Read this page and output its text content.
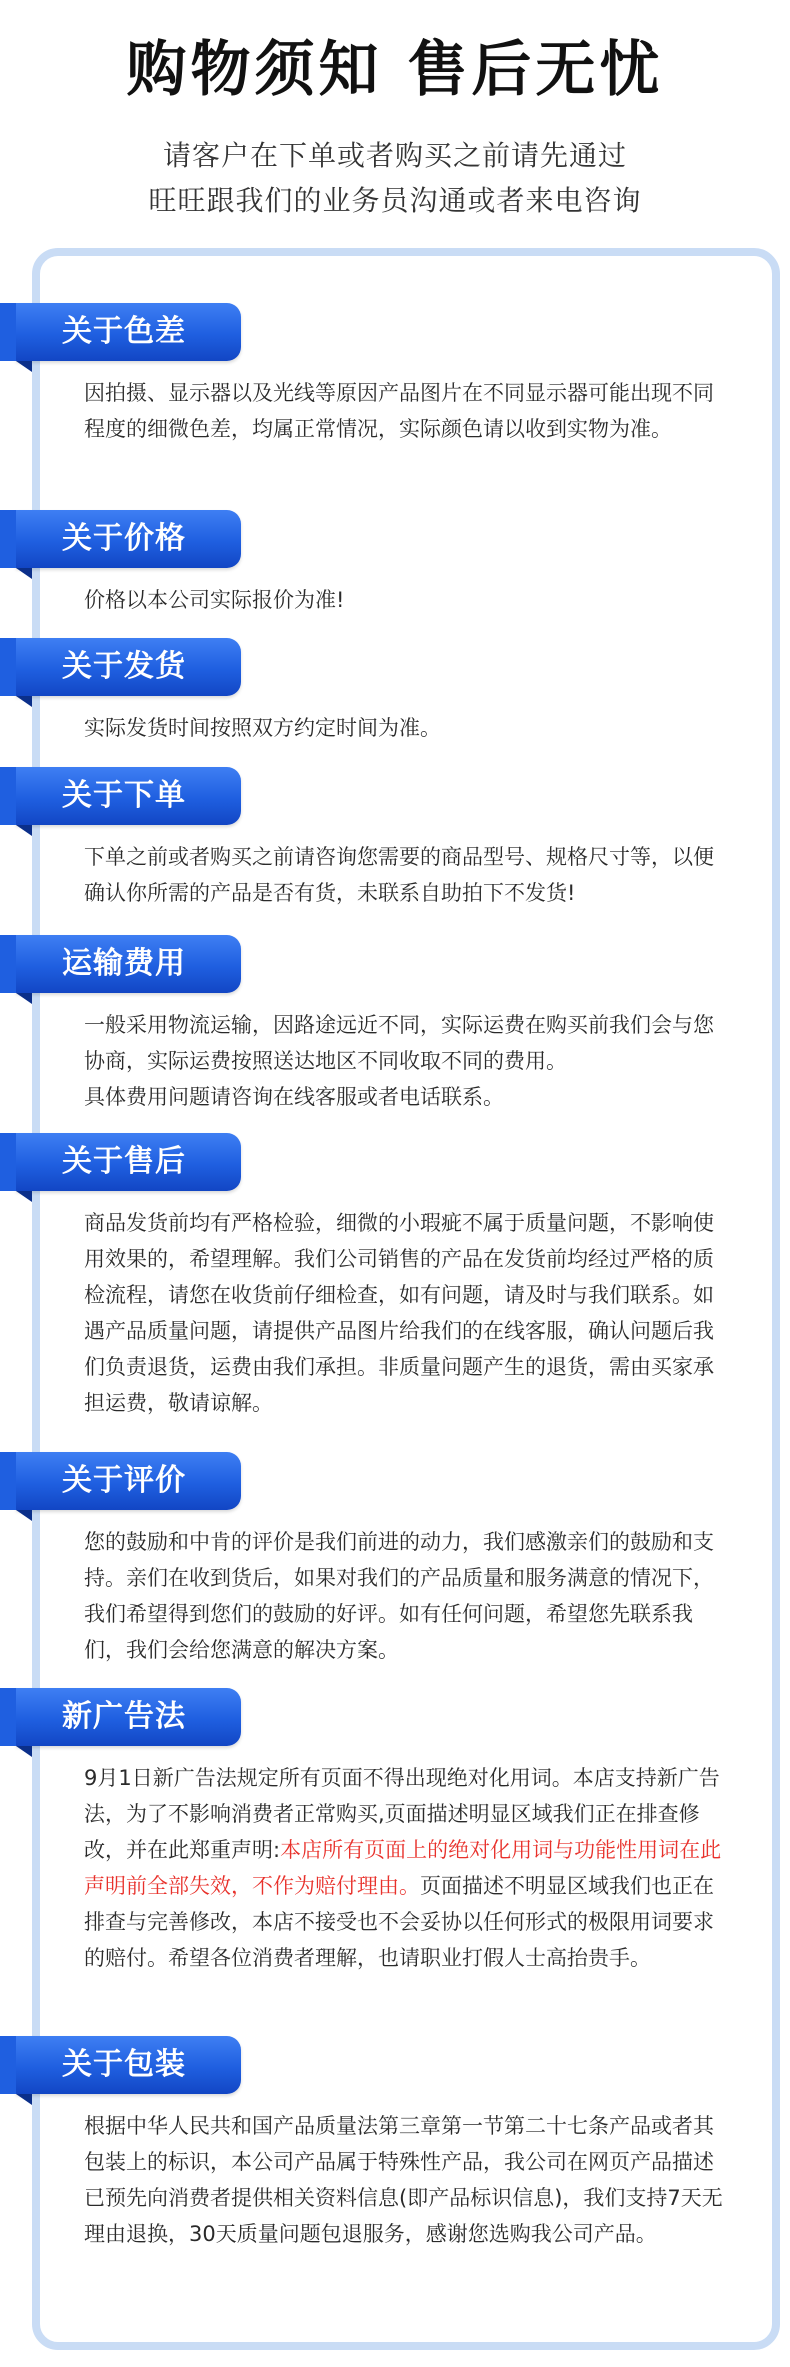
购物须知 售后无忧
请客户在下单或者购买之前请先通过
旺旺跟我们的业务员沟通或者来电咨询
关于色差
因拍摄、显示器以及光线等原因产品图片在不同显示器可能出现不同程度的细微色差，均属正常情况，实际颜色请以收到实物为准。
关于价格
价格以本公司实际报价为准!
关于发货
实际发货时间按照双方约定时间为准。
关于下单
下单之前或者购买之前请咨询您需要的商品型号、规格尺寸等，以便确认你所需的产品是否有货，未联系自助拍下不发货!
运输费用
一般采用物流运输，因路途远近不同，实际运费在购买前我们会与您协商，实际运费按照送达地区不同收取不同的费用。
具体费用问题请咨询在线客服或者电话联系。
关于售后
商品发货前均有严格检验，细微的小瑕疵不属于质量问题，不影响使用效果的，希望理解。我们公司销售的产品在发货前均经过严格的质检流程，请您在收货前仔细检查，如有问题，请及时与我们联系。如遇产品质量问题，请提供产品图片给我们的在线客服，确认问题后我们负责退货，运费由我们承担。非质量问题产生的退货，需由买家承担运费，敬请谅解。
关于评价
您的鼓励和中肯的评价是我们前进的动力，我们感激亲们的鼓励和支持。亲们在收到货后，如果对我们的产品质量和服务满意的情况下，我们希望得到您们的鼓励的好评。如有任何问题，希望您先联系我们，我们会给您满意的解决方案。
新广告法
9月1日新广告法规定所有页面不得出现绝对化用词。本店支持新广告法，为了不影响消费者正常购买,页面描述明显区域我们正在排查修改，并在此郑重声明:本店所有页面上的绝对化用词与功能性用词在此声明前全部失效，不作为赔付理由。页面描述不明显区域我们也正在排查与完善修改，本店不接受也不会妥协以任何形式的极限用词要求的赔付。希望各位消费者理解，也请职业打假人士高抬贵手。
关于包装
根据中华人民共和国产品质量法第三章第一节第二十七条产品或者其包装上的标识，本公司产品属于特殊性产品，我公司在网页产品描述已预先向消费者提供相关资料信息(即产品标识信息)，我们支持7天无理由退换，30天质量问题包退服务，感谢您选购我公司产品。
